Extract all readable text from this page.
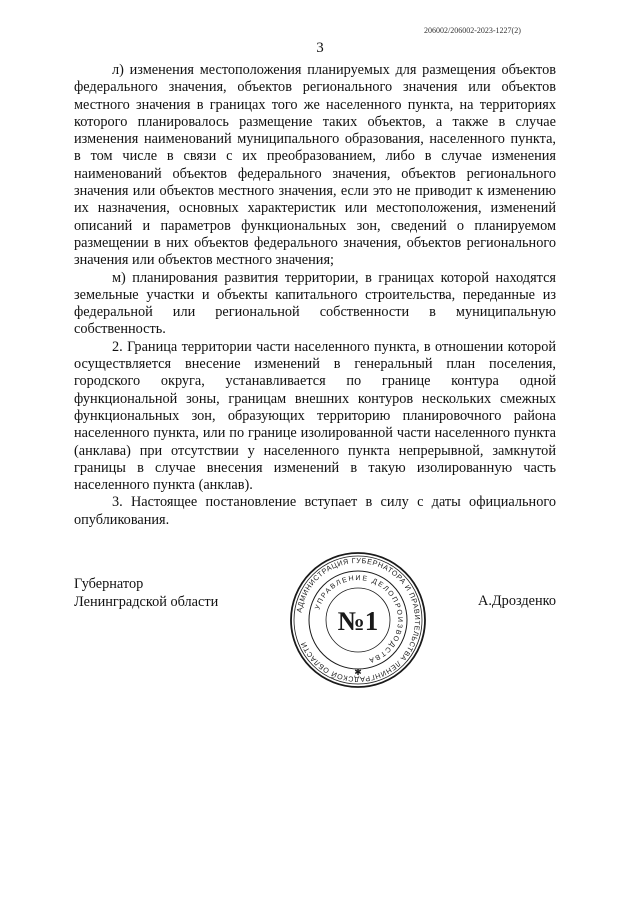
206002/206002-2023-1227(2)
3

л) изменения местоположения планируемых для размещения объектов федерального значения, объектов регионального значения или объектов местного значения в границах того же населенного пункта, на территориях которого планировалось размещение таких объектов, а также в случае изменения наименований муниципального образования, населенного пункта, в том числе в связи с их преобразованием, либо в случае изменения наименований объектов федерального значения, объектов регионального значения или объектов местного значения, если это не приводит к изменению их назначения, основных характеристик или местоположения, изменений описаний и параметров функциональных зон, сведений о планируемом размещении в них объектов федерального значения, объектов регионального значения или объектов местного значения;

м) планирования развития территории, в границах которой находятся земельные участки и объекты капитального строительства, переданные из федеральной или региональной собственности в муниципальную собственность.

2. Граница территории части населенного пункта, в отношении которой осуществляется внесение изменений в генеральный план поселения, городского округа, устанавливается по границе контура одной функциональной зоны, границам внешних контуров нескольких смежных функциональных зон, образующих территорию планировочного района населенного пункта, или по границе изолированной части населенного пункта (анклава) при отсутствии у населенного пункта непрерывной, замкнутой границы в случае внесения изменений в такую изолированную часть населенного пункта (анклав).

3. Настоящее постановление вступает в силу с даты официального опубликования.

Губернатор
Ленинградской области	А.Дрозденко
АДМИНИСТРАЦИЯ ГУБЕРНАТОРА И ПРАВИТЕЛЬСТВА ЛЕНИНГРАДСКОЙ ОБЛАСТИ
УПРАВЛЕНИЕ ДЕЛОПРОИЗВОДСТВА
№1
✱
